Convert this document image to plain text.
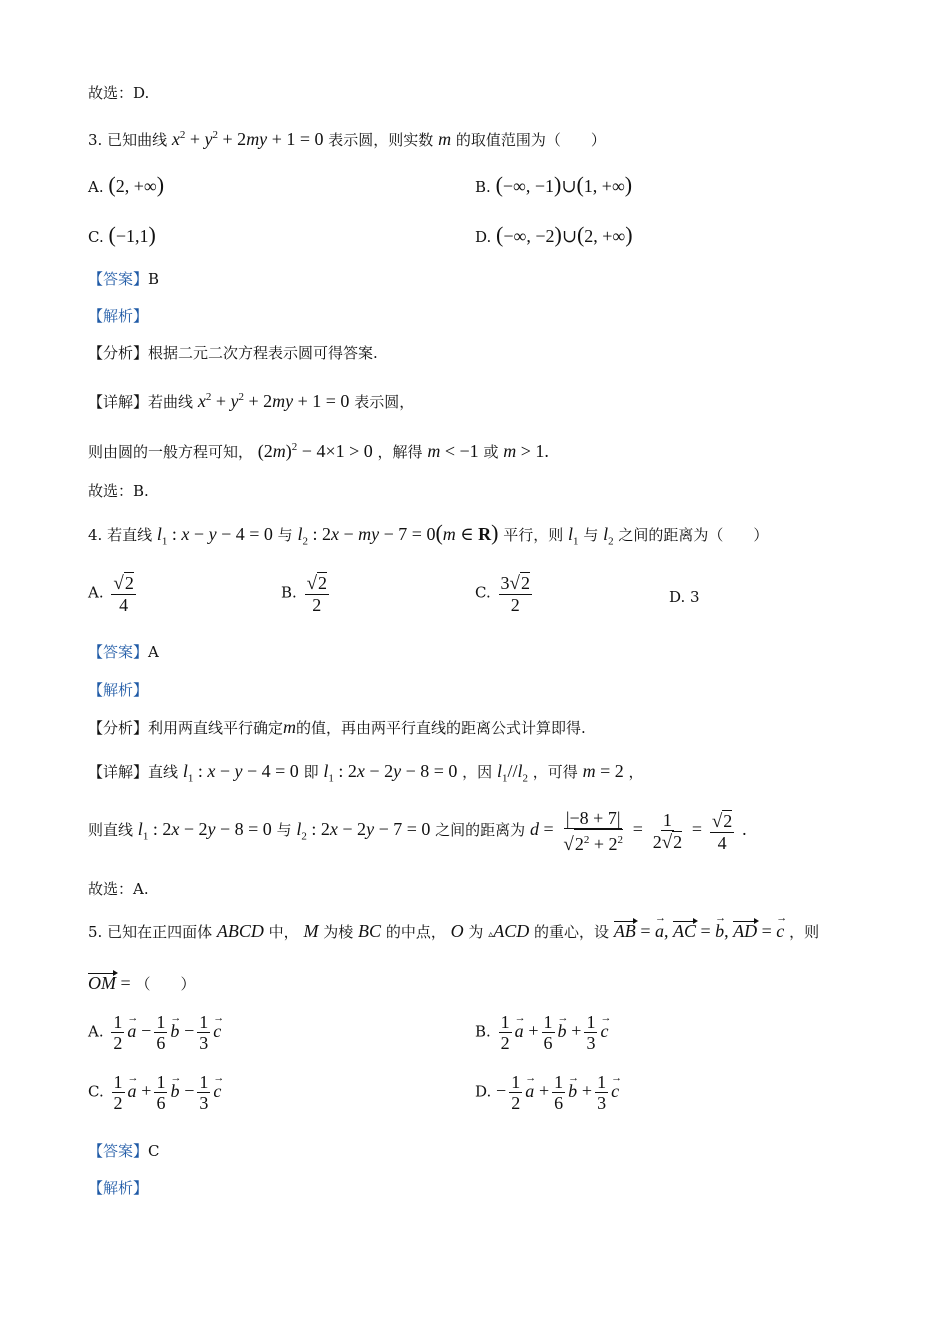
故选：D.
3. 已知曲线 $x^2 + y^2 + 2my + 1 = 0$ 表示圆，则实数 m 的取值范围为（　　）
A. (2, +∞)	B. (−∞, −1)∪(1, +∞)
C. (−1,1)	D. (−∞, −2)∪(2, +∞)
【答案】B
【解析】
【分析】根据二元二次方程表示圆可得答案.
【详解】若曲线 $x^2 + y^2 + 2my + 1 = 0$ 表示圆，
则由圆的一般方程可知， $(2m)^2 - 4\times 1 > 0$ ，解得 m < −1 或 m > 1.
故选：B.
4. 若直线 $l_1$ : x − y − 4 = 0 与 $l_2$ : 2x − my − 7 = 0(m ∈ R) 平行，则 $l_1$ 与 $l_2$ 之间的距离为（　　）
A. $\frac{√2}{4}$	B. $\frac{√2}{2}$	C. $\frac{3√2}{2}$	D. 3
【答案】A
【解析】
【分析】利用两直线平行确定m的值，再由两平行直线的距离公式计算即得.
【详解】直线 $l_1$ : x − y − 4 = 0 即 $l_1$ : 2x − 2y − 8 = 0 ，因 $l_1//l_2$ ，可得 m = 2 ，
则直线 $l_1$ : 2x − 2y − 8 = 0 与 $l_2$ : 2x − 2y − 7 = 0 之间的距离为 $d = \frac{|-8 + 7|}{√2^2 + 2^2} = \frac{1}{2√2} = \frac{√2}{4}$ .
故选：A.
5. 已知在正四面体 ABCD 中， M 为棱 BC 的中点， O 为 ▵ACD 的重心，设 AB = → a, AC = → b, AD = → c ，则
OM = （　　）
A. $\frac{1}{2}$
→ $a - \frac{1}{6}$
→ $b - \frac{1}{3}$
→ c	B. $\frac{1}{2}$
→ $a + \frac{1}{6}$
→ $b + \frac{1}{3}$
→ c
C. $\frac{1}{2}$
→ $a + \frac{1}{6}$
→ $b - \frac{1}{3}$
→ c	D. − $\frac{1}{2}$
→ $a + \frac{1}{6}$
→ $b + \frac{1}{3}$
→ c
【答案】C
【解析】
